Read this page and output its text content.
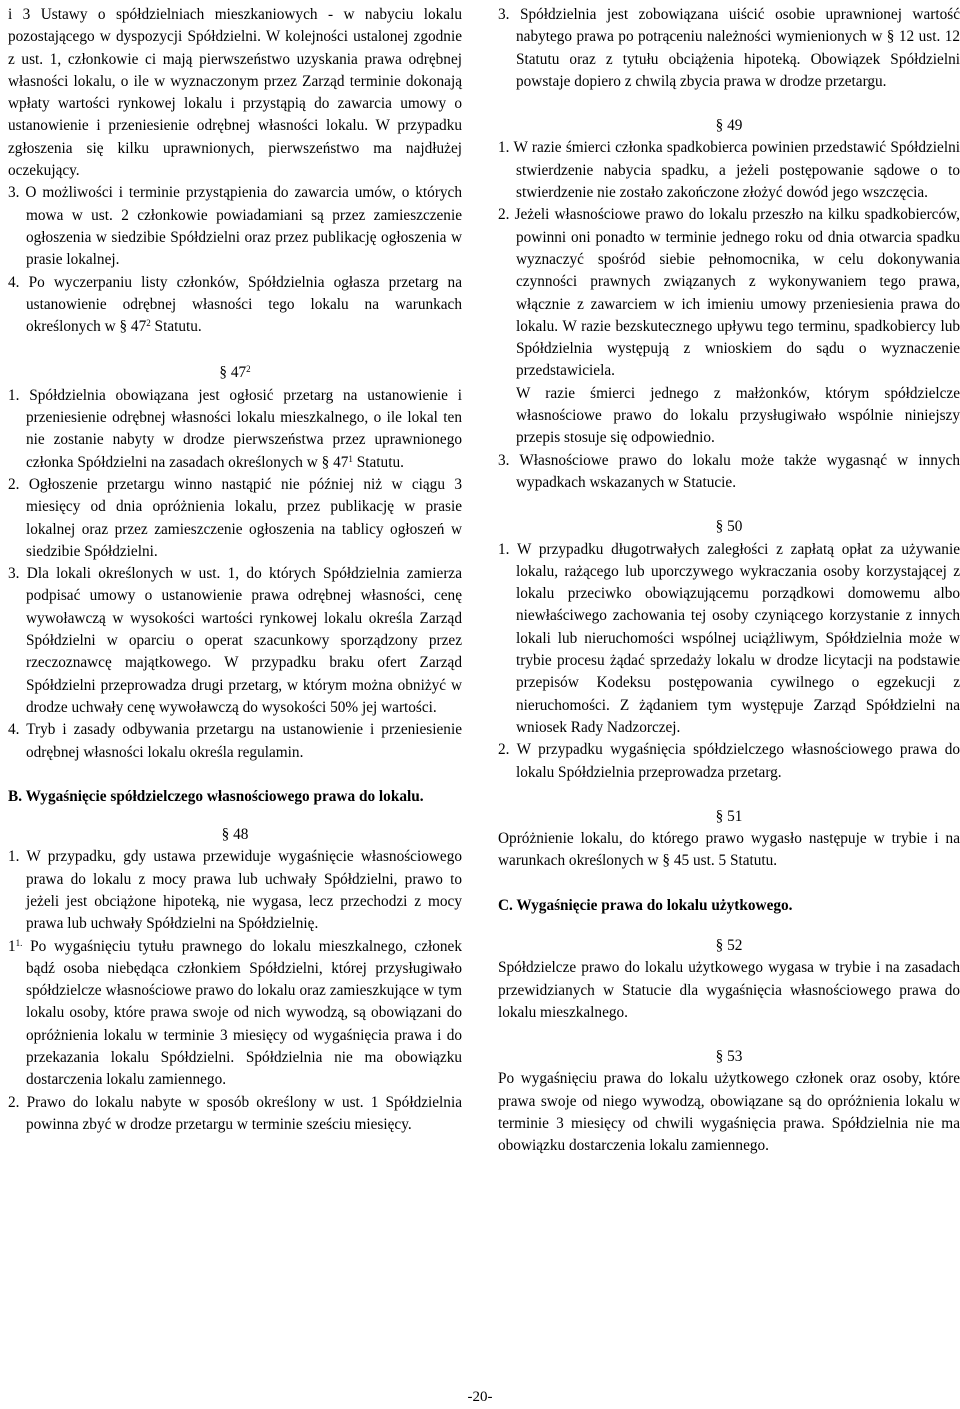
i 3 Ustawy o spółdzielniach mieszkaniowych - w nabyciu lokalu pozostającego w dyspozycji Spółdzielni. W kolejności ustalonej zgodnie z ust. 1, członkowie ci mają pierwszeństwo uzyskania prawa odrębnej własności lokalu, o ile w wyznaczonym przez Zarząd terminie dokonają wpłaty wartości rynkowej lokalu i przystąpią do zawarcia umowy o ustanowienie i przeniesienie odrębnej własności lokalu. W przypadku zgłoszenia się kilku uprawnionych, pierwszeństwo ma najdłużej oczekujący.

3. O możliwości i terminie przystąpienia do zawarcia umów, o których mowa w ust. 2 członkowie powiadamiani są przez zamieszczenie ogłoszenia w siedzibie Spółdzielni oraz przez publikację ogłoszenia w prasie lokalnej.

4. Po wyczerpaniu listy członków, Spółdzielnia ogłasza przetarg na ustanowienie odrębnej własności tego lokalu na warunkach określonych w § $47^2$ Statutu.

§ $47^2$

1. Spółdzielnia obowiązana jest ogłosić przetarg na ustanowienie i przeniesienie odrębnej własności lokalu mieszkalnego, o ile lokal ten nie zostanie nabyty w drodze pierwszeństwa przez uprawnionego członka Spółdzielni na zasadach określonych w § $47^1$ Statutu.

2. Ogłoszenie przetargu winno nastąpić nie później niż w ciągu 3 miesięcy od dnia opróżnienia lokalu, przez publikację w prasie lokalnej oraz przez zamieszczenie ogłoszenia na tablicy ogłoszeń w siedzibie Spółdzielni.

3. Dla lokali określonych w ust. 1, do których Spółdzielnia zamierza podpisać umowy o ustanowienie prawa odrębnej własności, cenę wywoławczą w wysokości wartości rynkowej lokalu określa Zarząd Spółdzielni w oparciu o operat szacunkowy sporządzony przez rzeczoznawcę majątkowego. W przypadku braku ofert Zarząd Spółdzielni przeprowadza drugi przetarg, w którym można obniżyć w drodze uchwały cenę wywoławczą do wysokości 50% jej wartości.

4. Tryb i zasady odbywania przetargu na ustanowienie i przeniesienie odrębnej własności lokalu określa regulamin.

B. Wygaśnięcie spółdzielczego własnościowego prawa do lokalu.

§ 48

1. W przypadku, gdy ustawa przewiduje wygaśnięcie własnościowego prawa do lokalu z mocy prawa lub uchwały Spółdzielni, prawo to jeżeli jest obciążone hipoteką, nie wygasa, lecz przechodzi z mocy prawa lub uchwały Spółdzielni na Spółdzielnię.

$1^{1.}$ Po wygaśnięciu tytułu prawnego do lokalu mieszkalnego, członek bądź osoba niebędąca członkiem Spółdzielni, której przysługiwało spółdzielcze własnościowe prawo do lokalu oraz zamieszkujące w tym lokalu osoby, które prawa swoje od nich wywodzą, są obowiązani do opróżnienia lokalu w terminie 3 miesięcy od wygaśnięcia prawa i do przekazania lokalu Spółdzielni. Spółdzielnia nie ma obowiązku dostarczenia lokalu zamiennego.

2. Prawo do lokalu nabyte w sposób określony w ust. 1 Spółdzielnia powinna zbyć w drodze przetargu w terminie sześciu miesięcy.

3. Spółdzielnia jest zobowiązana uiścić osobie uprawnionej wartość nabytego prawa po potrąceniu należności wymienionych w § 12 ust. 12 Statutu oraz z tytułu obciążenia hipoteką. Obowiązek Spółdzielni powstaje dopiero z chwilą zbycia prawa w drodze przetargu.

§ 49

1. W razie śmierci członka spadkobierca powinien przedstawić Spółdzielni stwierdzenie nabycia spadku, a jeżeli postępowanie sądowe o to stwierdzenie nie zostało zakończone złożyć dowód jego wszczęcia.

2. Jeżeli własnościowe prawo do lokalu przeszło na kilku spadkobierców, powinni oni ponadto w terminie jednego roku od dnia otwarcia spadku wyznaczyć spośród siebie pełnomocnika, w celu dokonywania czynności prawnych związanych z wykonywaniem tego prawa, włącznie z zawarciem w ich imieniu umowy przeniesienia prawa do lokalu. W razie bezskutecznego upływu tego terminu, spadkobiercy lub Spółdzielnia występują z wnioskiem do sądu o wyznaczenie przedstawiciela.

W razie śmierci jednego z małżonków, którym spółdzielcze własnościowe prawo do lokalu przysługiwało wspólnie niniejszy przepis stosuje się odpowiednio.

3. Własnościowe prawo do lokalu może także wygasnąć w innych wypadkach wskazanych w Statucie.

§ 50

1. W przypadku długotrwałych zaległości z zapłatą opłat za używanie lokalu, rażącego lub uporczywego wykraczania osoby korzystającej z lokalu przeciwko obowiązującemu porządkowi domowemu albo niewłaściwego zachowania tej osoby czyniącego korzystanie z innych lokali lub nieruchomości wspólnej uciążliwym, Spółdzielnia może w trybie procesu żądać sprzedaży lokalu w drodze licytacji na podstawie przepisów Kodeksu postępowania cywilnego o egzekucji z nieruchomości. Z żądaniem tym występuje Zarząd Spółdzielni na wniosek Rady Nadzorczej.

2. W przypadku wygaśnięcia spółdzielczego własnościowego prawa do lokalu Spółdzielnia przeprowadza przetarg.

§ 51

Opróżnienie lokalu, do którego prawo wygasło następuje w trybie i na warunkach określonych w § 45 ust. 5 Statutu.

C. Wygaśnięcie prawa do lokalu użytkowego.

§ 52

Spółdzielcze prawo do lokalu użytkowego wygasa w trybie i na zasadach przewidzianych w Statucie dla wygaśnięcia własnościowego prawa do lokalu mieszkalnego.

§ 53

Po wygaśnięciu prawa do lokalu użytkowego członek oraz osoby, które prawa swoje od niego wywodzą, obowiązane są do opróżnienia lokalu w terminie 3 miesięcy od chwili wygaśnięcia prawa. Spółdzielnia nie ma obowiązku dostarczenia lokalu zamiennego.

-20-
